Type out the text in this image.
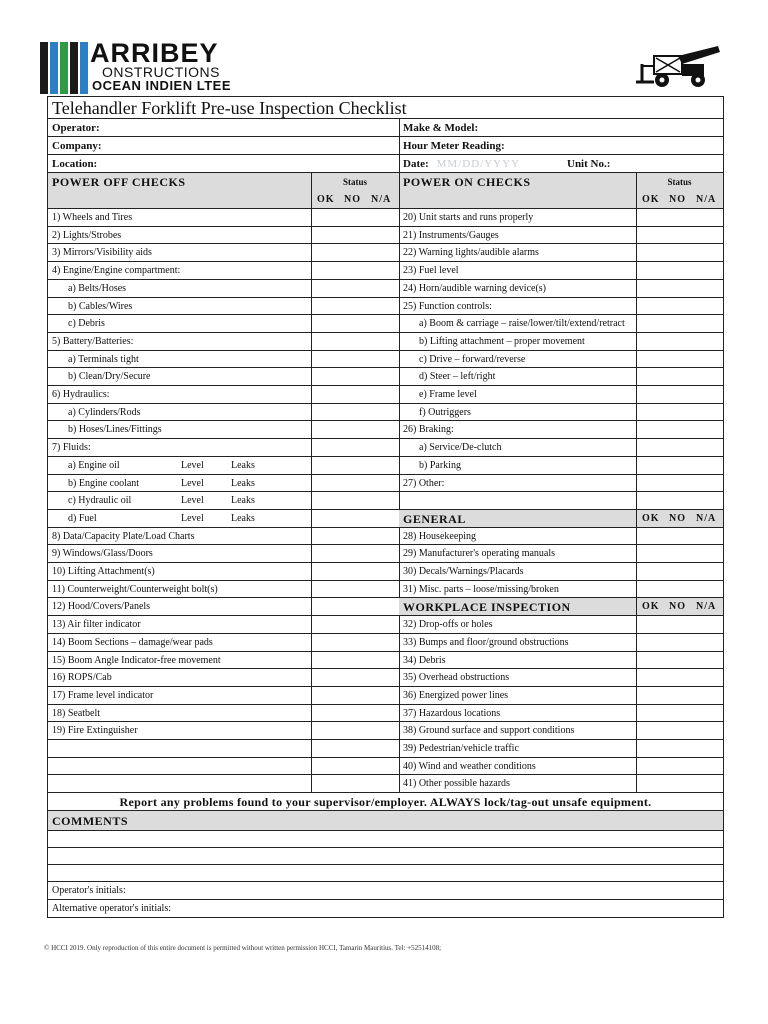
ARRIBEY
ONSTRUCTIONS
OCEAN INDIEN LTEE
Telehandler Forklift Pre-use Inspection Checklist
Operator:	Make & Model:
Company:	Hour Meter Reading:
Location:	Date: MM/DD/YYYY	Unit No.:
POWER OFF CHECKS	Status
OK NO N/A
POWER ON CHECKS	Status
OK NO N/A
1) Wheels and Tires	20) Unit starts and runs properly
2) Lights/Strobes	21) Instruments/Gauges
3) Mirrors/Visibility aids	22) Warning lights/audible alarms
4) Engine/Engine compartment:	23) Fuel level
a) Belts/Hoses	24) Horn/audible warning device(s)
b) Cables/Wires	25) Function controls:
c) Debris	a) Boom & carriage – raise/lower/tilt/extend/retract
5) Battery/Batteries:	b) Lifting attachment – proper movement
a) Terminals tight	c) Drive – forward/reverse
b) Clean/Dry/Secure	d) Steer – left/right
6) Hydraulics:	e) Frame level
a) Cylinders/Rods	f) Outriggers
b) Hoses/Lines/Fittings	26) Braking:
7) Fluids:	a) Service/De-clutch
a) Engine oil	Level	Leaks	b) Parking
b) Engine coolant	Level	Leaks	27) Other:
c) Hydraulic oil	Level	Leaks
d) Fuel	Level	Leaks	GENERAL	OK NO N/A
8) Data/Capacity Plate/Load Charts	28) Housekeeping
9) Windows/Glass/Doors	29) Manufacturer's operating manuals
10) Lifting Attachment(s)	30) Decals/Warnings/Placards
11) Counterweight/Counterweight bolt(s)	31) Misc. parts – loose/missing/broken
12) Hood/Covers/Panels	WORKPLACE INSPECTION	OK NO N/A
13) Air filter indicator	32) Drop-offs or holes
14) Boom Sections – damage/wear pads	33) Bumps and floor/ground obstructions
15) Boom Angle Indicator-free movement	34) Debris
16) ROPS/Cab	35) Overhead obstructions
17) Frame level indicator	36) Energized power lines
18) Seatbelt	37) Hazardous locations
19) Fire Extinguisher	38) Ground surface and support conditions
39) Pedestrian/vehicle traffic
40) Wind and weather conditions
41) Other possible hazards
Report any problems found to your supervisor/employer. ALWAYS lock/tag-out unsafe equipment.
COMMENTS
Operator's initials:
Alternative operator's initials:
© HCCI 2019. Only reproduction of this entire document is permitted without written permission HCCI, Tamarin Mauritius. Tel: +52514108;
